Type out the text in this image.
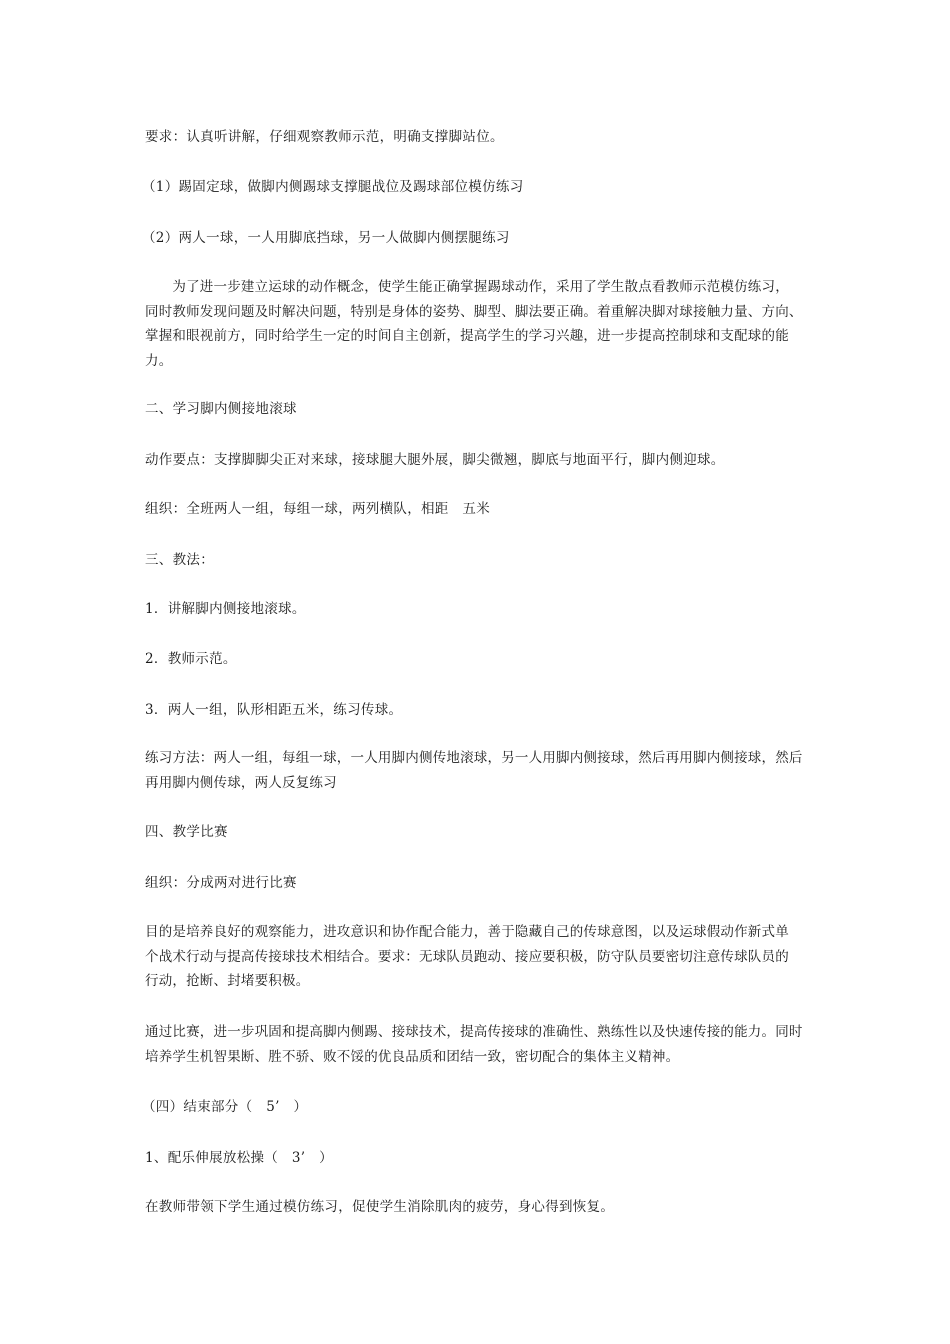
要求：认真听讲解，仔细观察教师示范，明确支撑脚站位。
（1）踢固定球，做脚内侧踢球支撑腿战位及踢球部位模仿练习
（2）两人一球，一人用脚底挡球，另一人做脚内侧摆腿练习
　　为了进一步建立运球的动作概念，使学生能正确掌握踢球动作，采用了学生散点看教师示范模仿练习，
同时教师发现问题及时解决问题，特别是身体的姿势、脚型、脚法要正确。着重解决脚对球接触力量、方向、
掌握和眼视前方，同时给学生一定的时间自主创新，提高学生的学习兴趣，进一步提高控制球和支配球的能
力。
二、学习脚内侧接地滚球
动作要点：支撑脚脚尖正对来球，接球腿大腿外展，脚尖微翘，脚底与地面平行，脚内侧迎球。
组织：全班两人一组，每组一球，两列横队，相距　五米
三、教法：
1．讲解脚内侧接地滚球。
2．教师示范。
3．两人一组，队形相距五米，练习传球。
练习方法：两人一组，每组一球，一人用脚内侧传地滚球，另一人用脚内侧接球，然后再用脚内侧接球，然后
再用脚内侧传球，两人反复练习
四、教学比赛
组织：分成两对进行比赛
目的是培养良好的观察能力，进攻意识和协作配合能力，善于隐藏自己的传球意图，以及运球假动作新式单
个战术行动与提高传接球技术相结合。要求：无球队员跑动、接应要积极，防守队员要密切注意传球队员的
行动，抢断、封堵要积极。
通过比赛，进一步巩固和提高脚内侧踢、接球技术，提高传接球的准确性、熟练性以及快速传接的能力。同时
培养学生机智果断、胜不骄、败不馁的优良品质和团结一致，密切配合的集体主义精神。
（四）结束部分（　5’　）
1、配乐伸展放松操（　3’　）
在教师带领下学生通过模仿练习，促使学生消除肌肉的疲劳，身心得到恢复。
